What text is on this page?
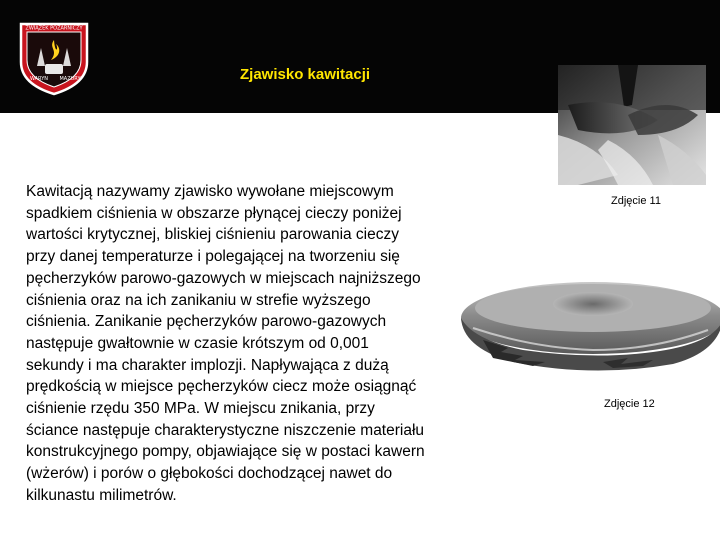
ZWIĄZEK POŻARNICZY
WARYN MAZURY	Zjawisko kawitacji
Zdjęcie 11
Zdjęcie 12
Kawitacją nazywamy zjawisko wywołane miejscowym
spadkiem ciśnienia w obszarze płynącej cieczy poniżej
wartości krytycznej, bliskiej ciśnieniu parowania cieczy
przy danej temperaturze i polegającej na tworzeniu się
pęcherzyków parowo-gazowych w miejscach najniższego
ciśnienia oraz na ich zanikaniu w strefie wyższego
ciśnienia. Zanikanie pęcherzyków parowo-gazowych
następuje gwałtownie w czasie krótszym od 0,001
sekundy i ma charakter implozji. Napływająca z dużą
prędkością w miejsce pęcherzyków ciecz może osiągnąć
ciśnienie rzędu 350 MPa. W miejscu znikania, przy
ściance następuje charakterystyczne niszczenie materiału
konstrukcyjnego pompy, objawiające się w postaci kawern
(wżerów) i porów o głębokości dochodzącej nawet do
kilkunastu milimetrów.
